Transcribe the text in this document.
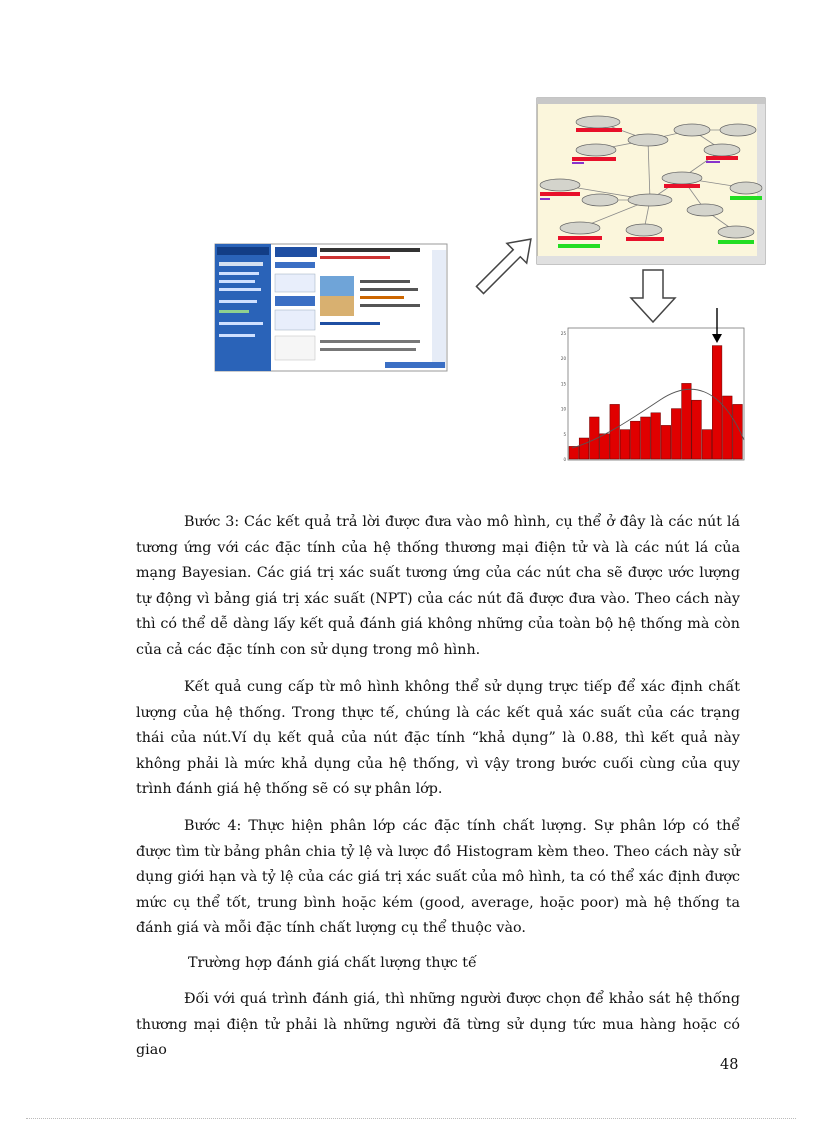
25
20
15
10
5
0

Bước 3: Các kết quả trả lời được đưa vào mô hình, cụ thể ở đây là các nút lá tương ứng với các đặc tính của hệ thống thương mại điện tử và là các nút lá của mạng Bayesian. Các giá trị xác suất tương ứng của các nút cha sẽ được ước lượng tự động vì bảng giá trị xác suất (NPT) của các nút đã được đưa vào. Theo cách này thì có thể dễ dàng lấy kết quả đánh giá không những của toàn bộ hệ thống mà còn của cả các đặc tính con sử dụng trong mô hình.

Kết quả cung cấp từ mô hình không thể sử dụng trực tiếp để xác định chất lượng của hệ thống. Trong thực tế, chúng là các kết quả xác suất của các trạng thái của nút.Ví dụ kết quả của nút đặc tính “khả dụng” là 0.88, thì kết quả này không phải là mức khả dụng của hệ thống, vì vậy trong bước cuối cùng của quy trình đánh giá hệ thống sẽ có sự phân lớp.

Bước 4: Thực hiện phân lớp các đặc tính chất lượng. Sự phân lớp có thể được tìm từ bảng phân chia tỷ lệ và lược đồ Histogram kèm theo. Theo cách này sử dụng giới hạn và tỷ lệ của các giá trị xác suất của mô hình, ta có thể xác định được mức cụ thể tốt, trung bình hoặc kém (good, average, hoặc poor) mà hệ thống ta đánh giá và mỗi đặc tính chất lượng cụ thể thuộc vào.

Trường hợp đánh giá chất lượng thực tế

Đối với quá trình đánh giá, thì những người được chọn để khảo sát hệ thống thương mại điện tử phải là những người đã từng sử dụng tức mua hàng hoặc có giao

48
